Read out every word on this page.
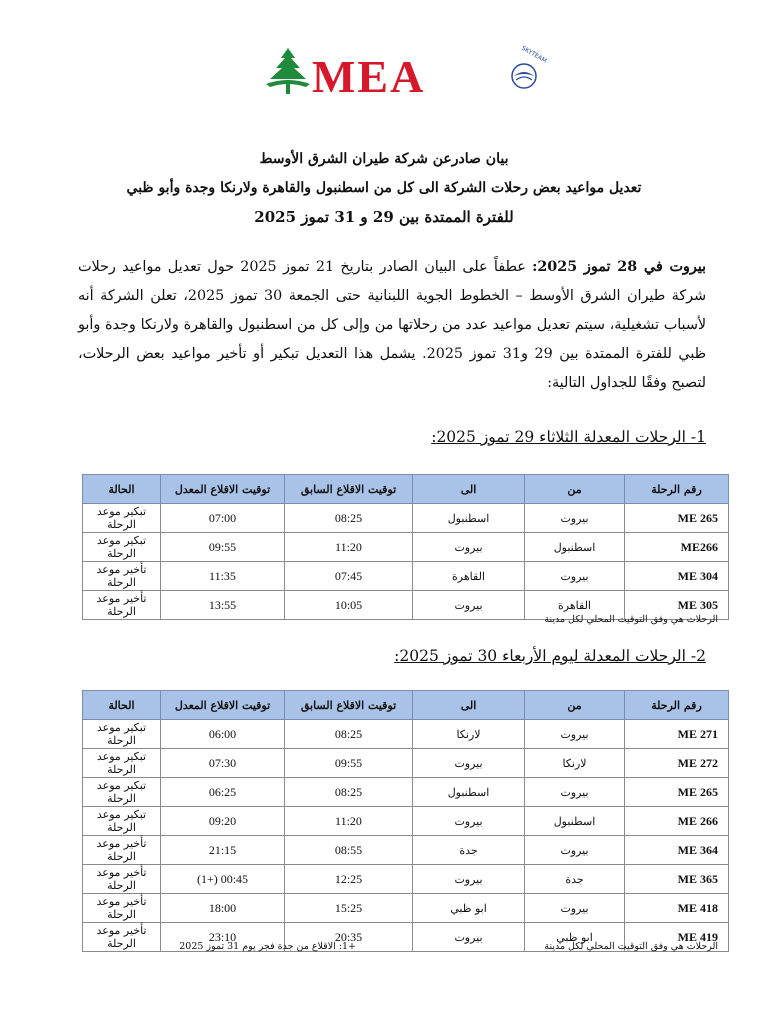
MEA	SKYTEAM
بيان صادرعن شركة طيران الشرق الأوسط
تعديل مواعيد بعض رحلات الشركة الى كل من اسطنبول والقاهرة ولارنكا وجدة وأبو ظبي
للفترة الممتدة بين 29 و 31 تموز 2025
بيروت في 28 تموز 2025: عطفاً على البيان الصادر بتاريخ 21 تموز 2025 حول تعديل مواعيد رحلات شركة طيران الشرق الأوسط – الخطوط الجوية اللبنانية حتى الجمعة 30 تموز 2025، تعلن الشركة أنه لأسباب تشغيلية، سيتم تعديل مواعيد عدد من رحلاتها من وإلى كل من اسطنبول والقاهرة ولارنكا وجدة وأبو ظبي للفترة الممتدة بين 29 و31 تموز 2025. يشمل هذا التعديل تبكير أو تأخير مواعيد بعض الرحلات، لتصبح وفقًا للجداول التالية:
1- الرحلات المعدلة الثلاثاء 29 تموز 2025:
رقم الرحلة	من	الى	توقيت الاقلاع السابق	توقيت الاقلاع المعدل	الحالة
ME 265	بيروت	اسطنبول	08:25	07:00	تبكير موعد الرحلة
ME266	اسطنبول	بيروت	11:20	09:55	تبكير موعد الرحلة
ME 304	بيروت	القاهرة	07:45	11:35	تأخير موعد الرحلة
ME 305	القاهرة	بيروت	10:05	13:55	تأخير موعد الرحلة
الرحلات هي وفق التوقيت المحلي لكل مدينة
2- الرحلات المعدلة ليوم الأربعاء 30 تموز 2025:
رقم الرحلة	من	الى	توقيت الاقلاع السابق	توقيت الاقلاع المعدل	الحالة
ME 271	بيروت	لارنكا	08:25	06:00	تبكير موعد الرحلة
ME 272	لارنكا	بيروت	09:55	07:30	تبكير موعد الرحلة
ME 265	بيروت	اسطنبول	08:25	06:25	تبكير موعد الرحلة
ME 266	اسطنبول	بيروت	11:20	09:20	تبكير موعد الرحلة
ME 364	بيروت	جدة	08:55	21:15	تأخير موعد الرحلة
ME 365	جدة	بيروت	12:25	00:45 (+1)	تأخير موعد الرحلة
ME 418	بيروت	ابو ظبي	15:25	18:00	تأخير موعد الرحلة
ME 419	ابو ظبي	بيروت	20:35	23:10	تأخير موعد الرحلة	الرحلات هي وفق التوقيت المحلي لكل مدينة
+1: الاقلاع من جدة فجر يوم 31 تموز 2025
